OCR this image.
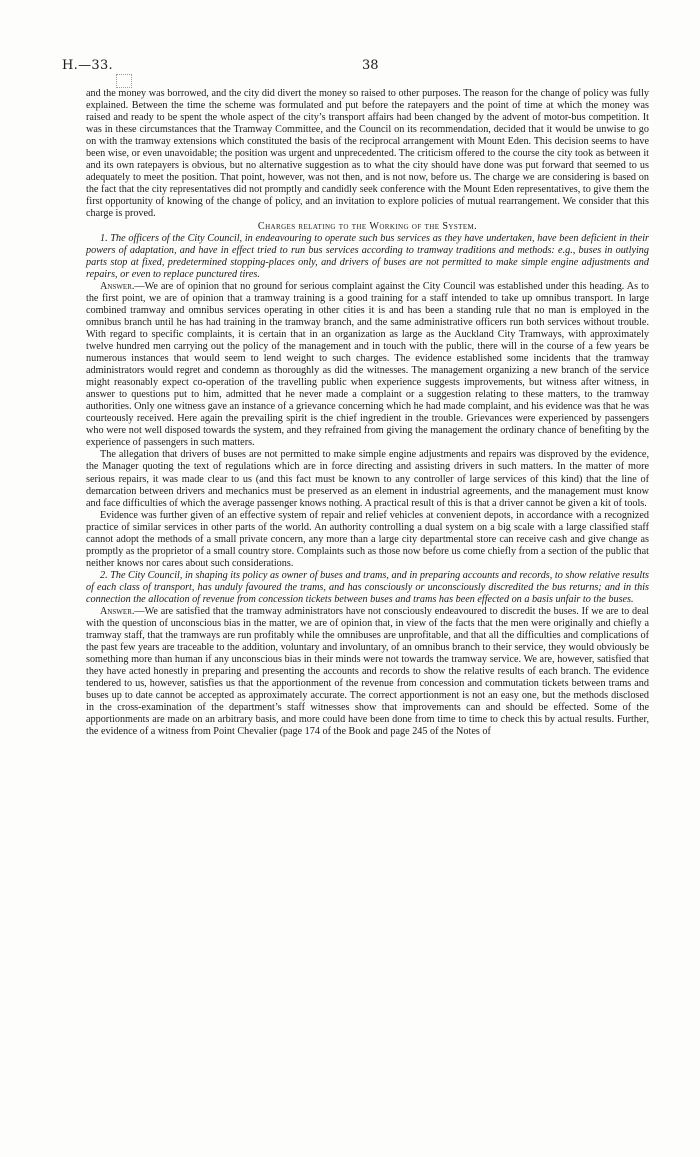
H.—33.	38

and the money was borrowed, and the city did divert the money so raised to other purposes. The reason for the change of policy was fully explained. Between the time the scheme was formulated and put before the ratepayers and the point of time at which the money was raised and ready to be spent the whole aspect of the city’s transport affairs had been changed by the advent of motor-bus competition. It was in these circumstances that the Tramway Committee, and the Council on its recommendation, decided that it would be unwise to go on with the tramway extensions which constituted the basis of the reciprocal arrangement with Mount Eden. This decision seems to have been wise, or even unavoidable; the position was urgent and unprecedented. The criticism offered to the course the city took as between it and its own ratepayers is obvious, but no alternative suggestion as to what the city should have done was put forward that seemed to us adequately to meet the position. That point, however, was not then, and is not now, before us. The charge we are considering is based on the fact that the city representatives did not promptly and candidly seek conference with the Mount Eden representatives, to give them the first opportunity of knowing of the change of policy, and an invitation to explore policies of mutual rearrangement. We consider that this charge is proved.

Charges relating to the Working of the System.

1. The officers of the City Council, in endeavouring to operate such bus services as they have undertaken, have been deficient in their powers of adaptation, and have in effect tried to run bus services according to tramway traditions and methods: e.g., buses in outlying parts stop at fixed, predetermined stopping-places only, and drivers of buses are not permitted to make simple engine adjustments and repairs, or even to replace punctured tires.

Answer.—We are of opinion that no ground for serious complaint against the City Council was established under this heading. As to the first point, we are of opinion that a tramway training is a good training for a staff intended to take up omnibus transport. In large combined tramway and omnibus services operating in other cities it is and has been a standing rule that no man is employed in the omnibus branch until he has had training in the tramway branch, and the same administrative officers run both services without trouble. With regard to specific complaints, it is certain that in an organization as large as the Auckland City Tramways, with approximately twelve hundred men carrying out the policy of the management and in touch with the public, there will in the course of a few years be numerous instances that would seem to lend weight to such charges. The evidence established some incidents that the tramway administrators would regret and condemn as thoroughly as did the witnesses. The management organizing a new branch of the service might reasonably expect co-operation of the travelling public when experience suggests improvements, but witness after witness, in answer to questions put to him, admitted that he never made a complaint or a suggestion relating to these matters, to the tramway authorities. Only one witness gave an instance of a grievance concerning which he had made complaint, and his evidence was that he was courteously received. Here again the prevailing spirit is the chief ingredient in the trouble. Grievances were experienced by passengers who were not well disposed towards the system, and they refrained from giving the management the ordinary chance of benefiting by the experience of passengers in such matters.

The allegation that drivers of buses are not permitted to make simple engine adjustments and repairs was disproved by the evidence, the Manager quoting the text of regulations which are in force directing and assisting drivers in such matters. In the matter of more serious repairs, it was made clear to us (and this fact must be known to any controller of large services of this kind) that the line of demarcation between drivers and mechanics must be preserved as an element in industrial agreements, and the management must know and face difficulties of which the average passenger knows nothing. A practical result of this is that a driver cannot be given a kit of tools.

Evidence was further given of an effective system of repair and relief vehicles at convenient depots, in accordance with a recognized practice of similar services in other parts of the world. An authority controlling a dual system on a big scale with a large classified staff cannot adopt the methods of a small private concern, any more than a large city departmental store can receive cash and give change as promptly as the proprietor of a small country store. Complaints such as those now before us come chiefly from a section of the public that neither knows nor cares about such considerations.

2. The City Council, in shaping its policy as owner of buses and trams, and in preparing accounts and records, to show relative results of each class of transport, has unduly favoured the trams, and has consciously or unconsciously discredited the bus returns; and in this connection the allocation of revenue from concession tickets between buses and trams has been effected on a basis unfair to the buses.

Answer.—We are satisfied that the tramway administrators have not consciously endeavoured to discredit the buses. If we are to deal with the question of unconscious bias in the matter, we are of opinion that, in view of the facts that the men were originally and chiefly a tramway staff, that the tramways are run profitably while the omnibuses are unprofitable, and that all the difficulties and complications of the past few years are traceable to the addition, voluntary and involuntary, of an omnibus branch to their service, they would obviously be something more than human if any unconscious bias in their minds were not towards the tramway service. We are, however, satisfied that they have acted honestly in preparing and presenting the accounts and records to show the relative results of each branch. The evidence tendered to us, however, satisfies us that the apportionment of the revenue from concession and commutation tickets between trams and buses up to date cannot be accepted as approximately accurate. The correct apportionment is not an easy one, but the methods disclosed in the cross-examination of the department’s staff witnesses show that improvements can and should be effected. Some of the apportionments are made on an arbitrary basis, and more could have been done from time to time to check this by actual results. Further, the evidence of a witness from Point Chevalier (page 174 of the Book and page 245 of the Notes of
